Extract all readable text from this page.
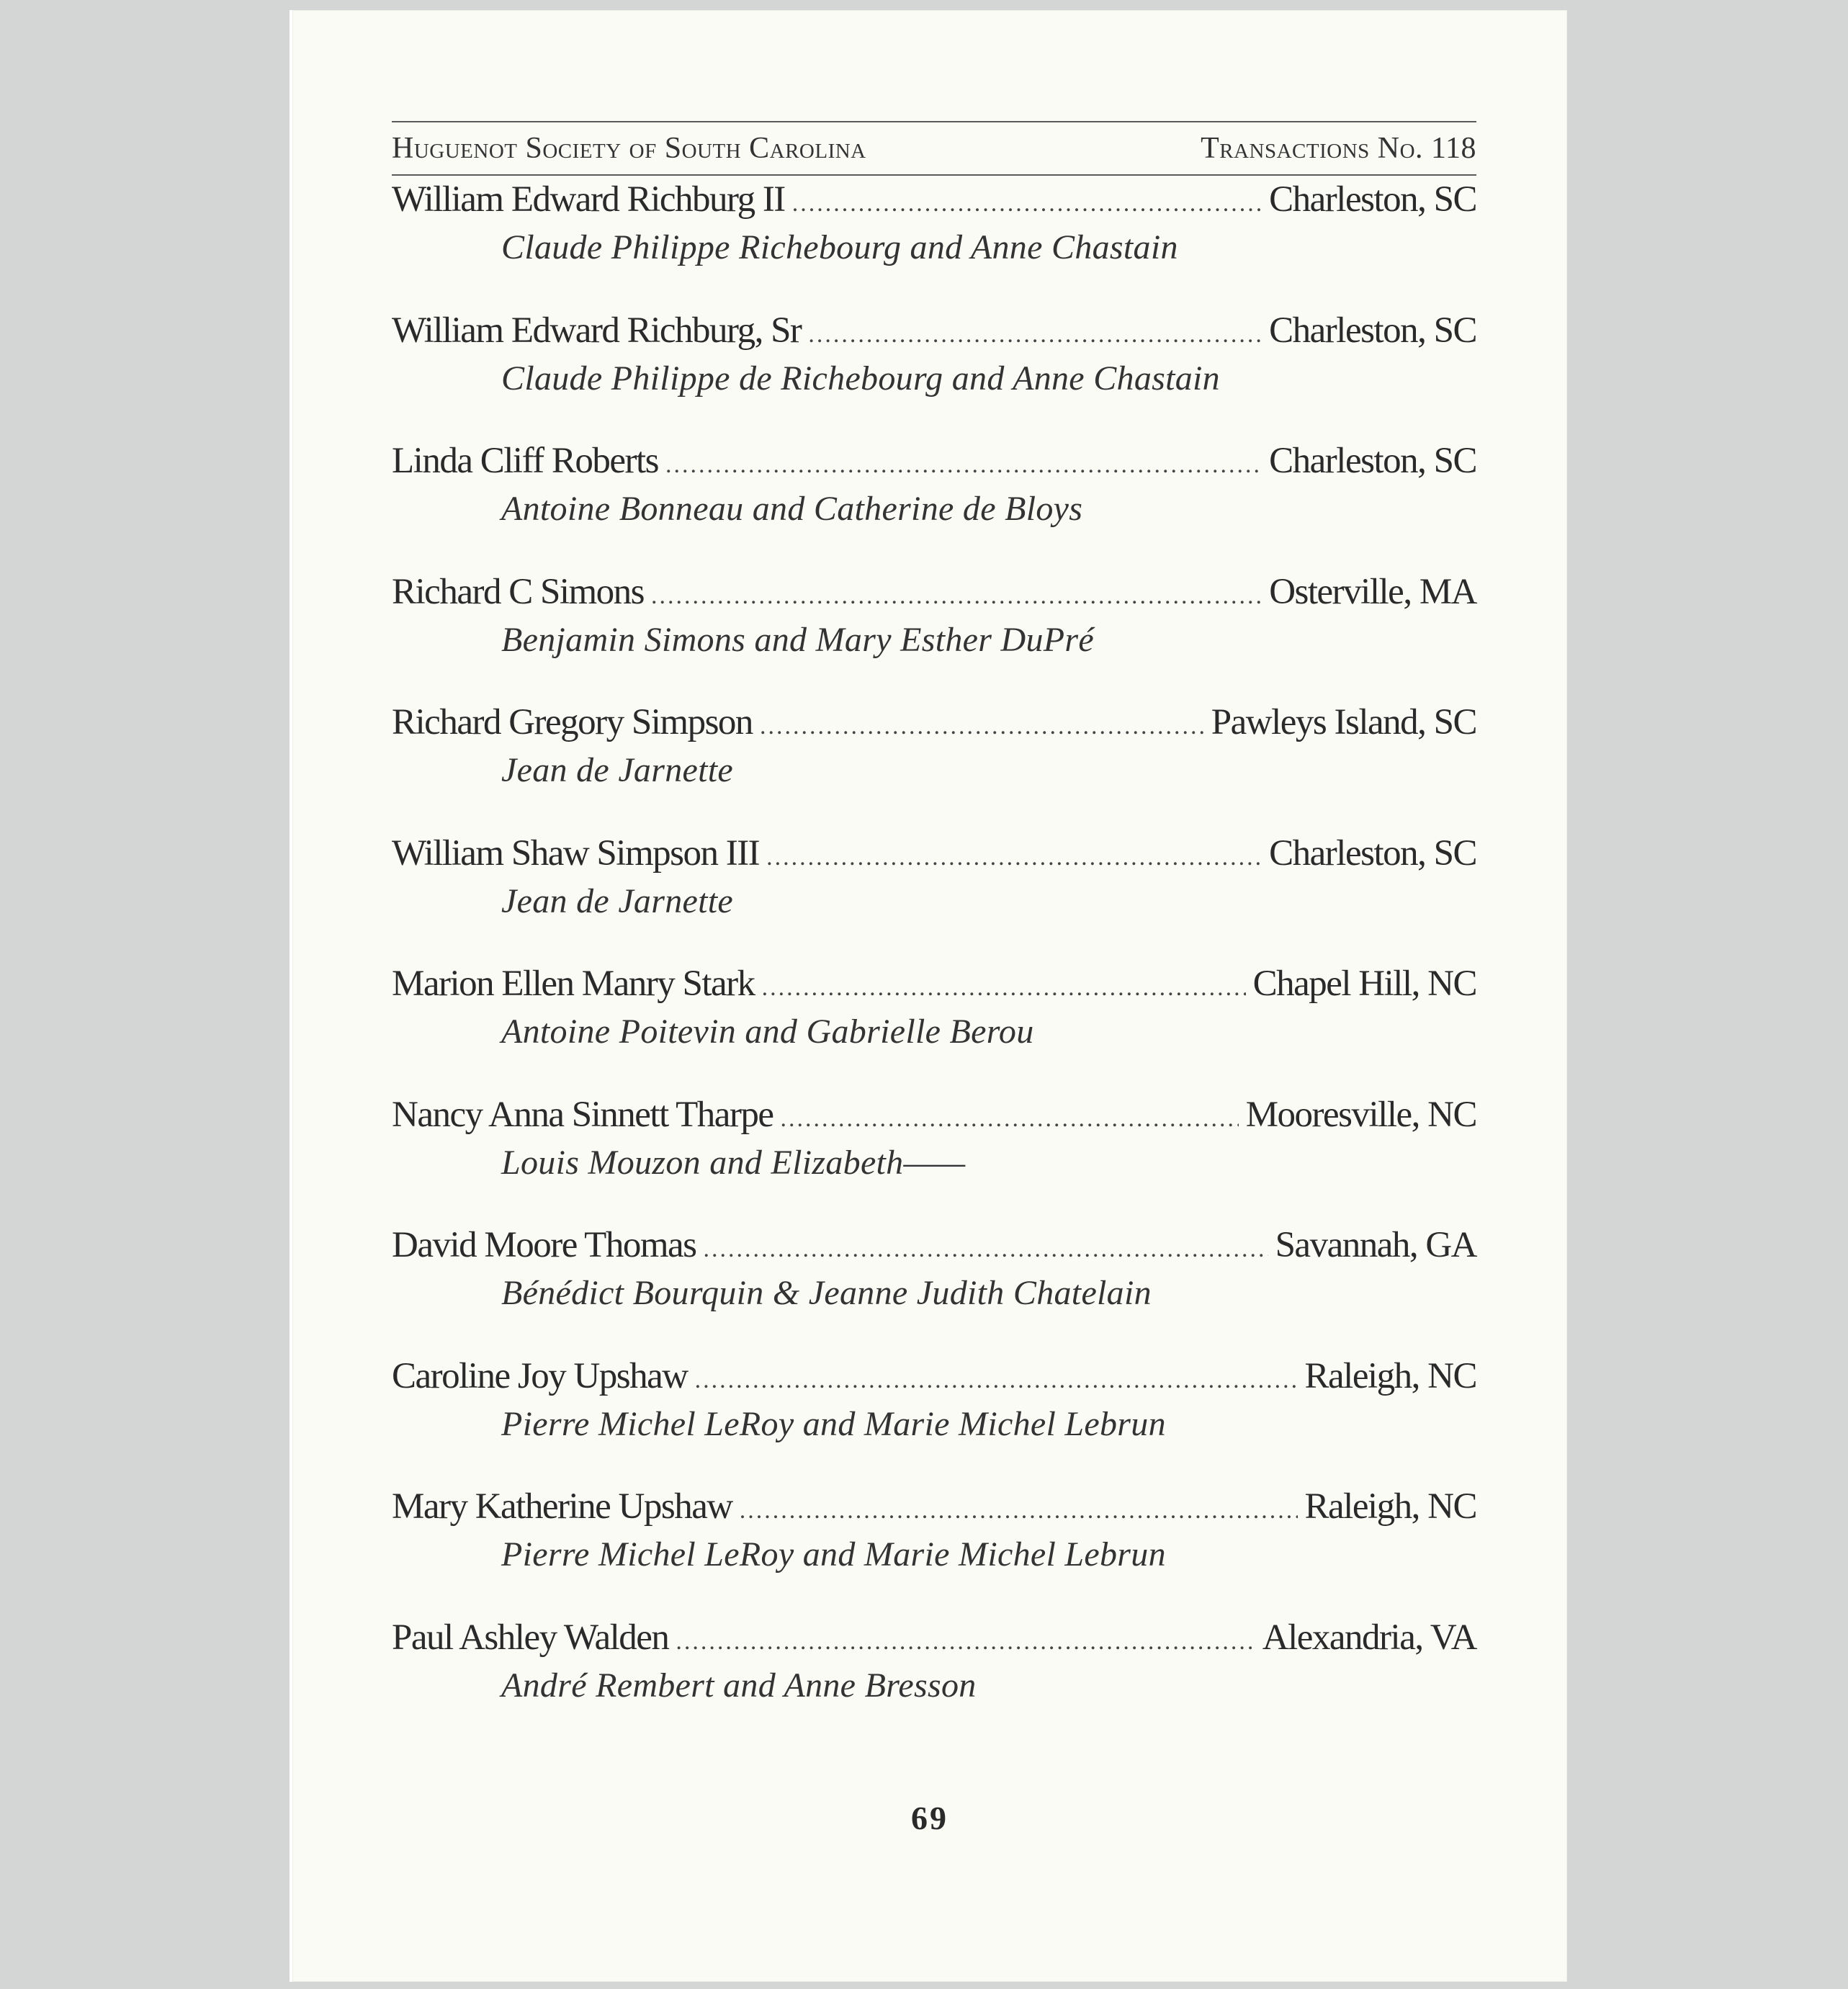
Huguenot Society of South Carolina	Transactions No. 118
William Edward Richburg II .....	Charleston, SC
Claude Philippe Richebourg and Anne Chastain
William Edward Richburg, Sr .....	Charleston, SC
Claude Philippe de Richebourg and Anne Chastain
Linda Cliff Roberts .....	Charleston, SC
Antoine Bonneau and Catherine de Bloys
Richard C Simons .....	Osterville, MA
Benjamin Simons and Mary Esther DuPré
Richard Gregory Simpson .....	Pawleys Island, SC
Jean de Jarnette
William Shaw Simpson III .....	Charleston, SC
Jean de Jarnette
Marion Ellen Manry Stark .....	Chapel Hill, NC
Antoine Poitevin and Gabrielle Berou
Nancy Anna Sinnett Tharpe .....	Mooresville, NC
Louis Mouzon and Elizabeth——
David Moore Thomas .....	Savannah, GA
Bénédict Bourquin & Jeanne Judith Chatelain
Caroline Joy Upshaw .....	Raleigh, NC
Pierre Michel LeRoy and Marie Michel Lebrun
Mary Katherine Upshaw .....	Raleigh, NC
Pierre Michel LeRoy and Marie Michel Lebrun
Paul Ashley Walden .....	Alexandria, VA
André Rembert and Anne Bresson
69
